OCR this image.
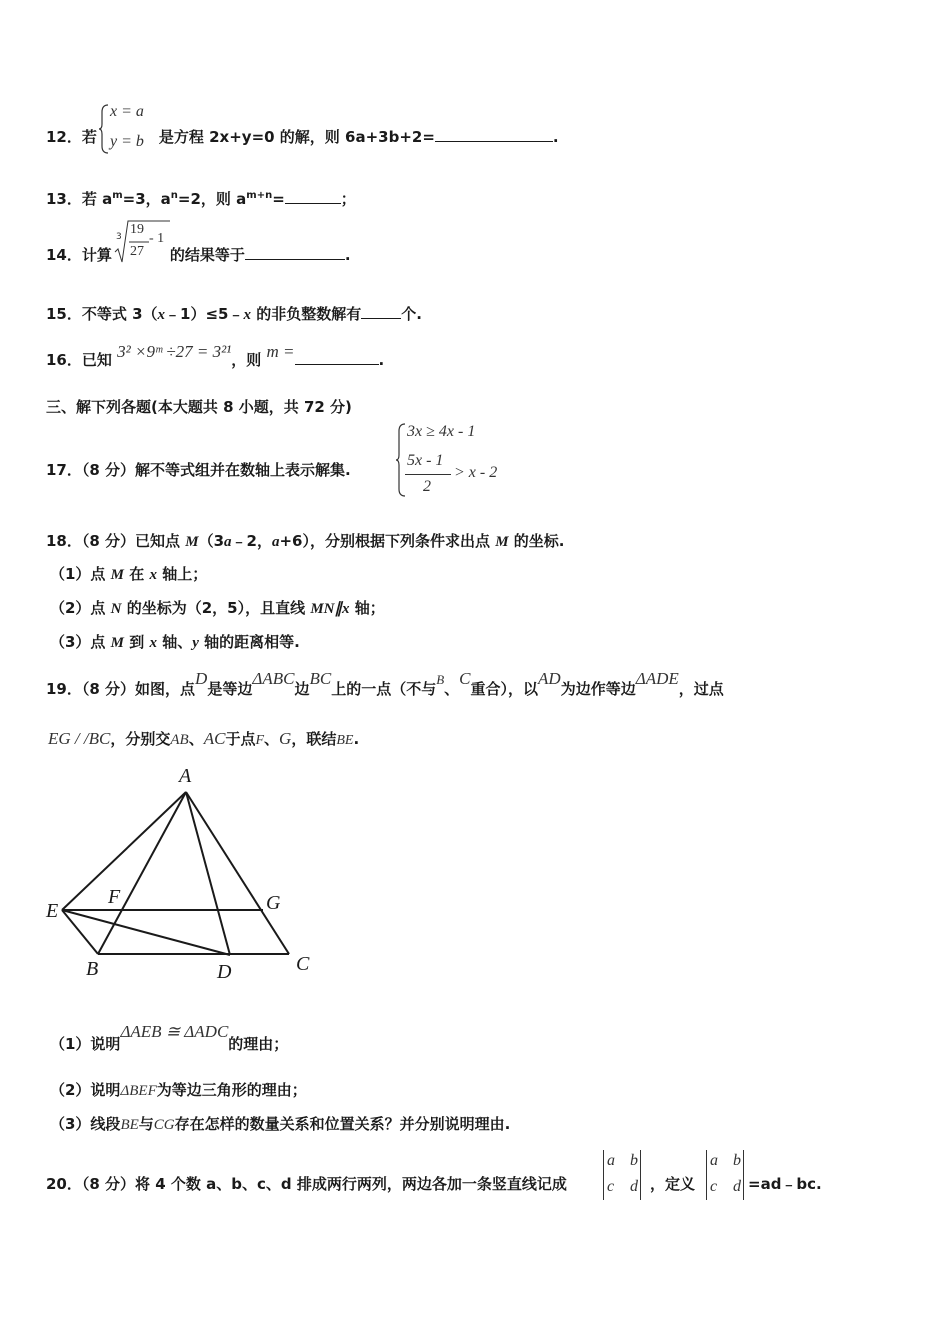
x = a
y = b
12．若	是方程 2x+y=0 的解，则 6a+3b+2=	.
13．若 $a^m=3$，$a^n=2$，则 $a^{m+n}=$	；
3 19
27
- 1
14．计算	的结果等于	.
15．不等式 3（x﹣1）≤5﹣x 的非负整数解有	个.
16．已知 3² ×9ᵐ ÷27 = 3²¹，则 m =	.
三、解下列各题(本大题共 8 小题，共 72 分)
17．（8 分）解不等式组并在数轴上表示解集.
3x ≥ 4x - 1
5x - 1
2
> x - 2
18．（8 分）已知点 M（3a﹣2，a+6），分别根据下列条件求出点 M 的坐标.
（1）点 M 在 x 轴上；
（2）点 N 的坐标为（2，5），且直线 MN∥x 轴；
（3）点 M 到 x 轴、y 轴的距离相等.
19．（8 分）如图，点D是等边ΔABC边BC上的一点（不与B、C重合），以AD为边作等边ΔADE，过点
EG / /BC，分别交AB、AC于点F、G，联结BE.
A
E
F	G
B	D	C
（1）说明ΔAEB ≅ ΔADC的理由；
（2）说明ΔBEF为等边三角形的理由；
（3）线段BE与CG存在怎样的数量关系和位置关系？并分别说明理由.
20．（8 分）将 4 个数 a、b、c、d 排成两行两列，两边各加一条竖直线记成
a b
c d ，定义
a b
c d =ad﹣bc.
